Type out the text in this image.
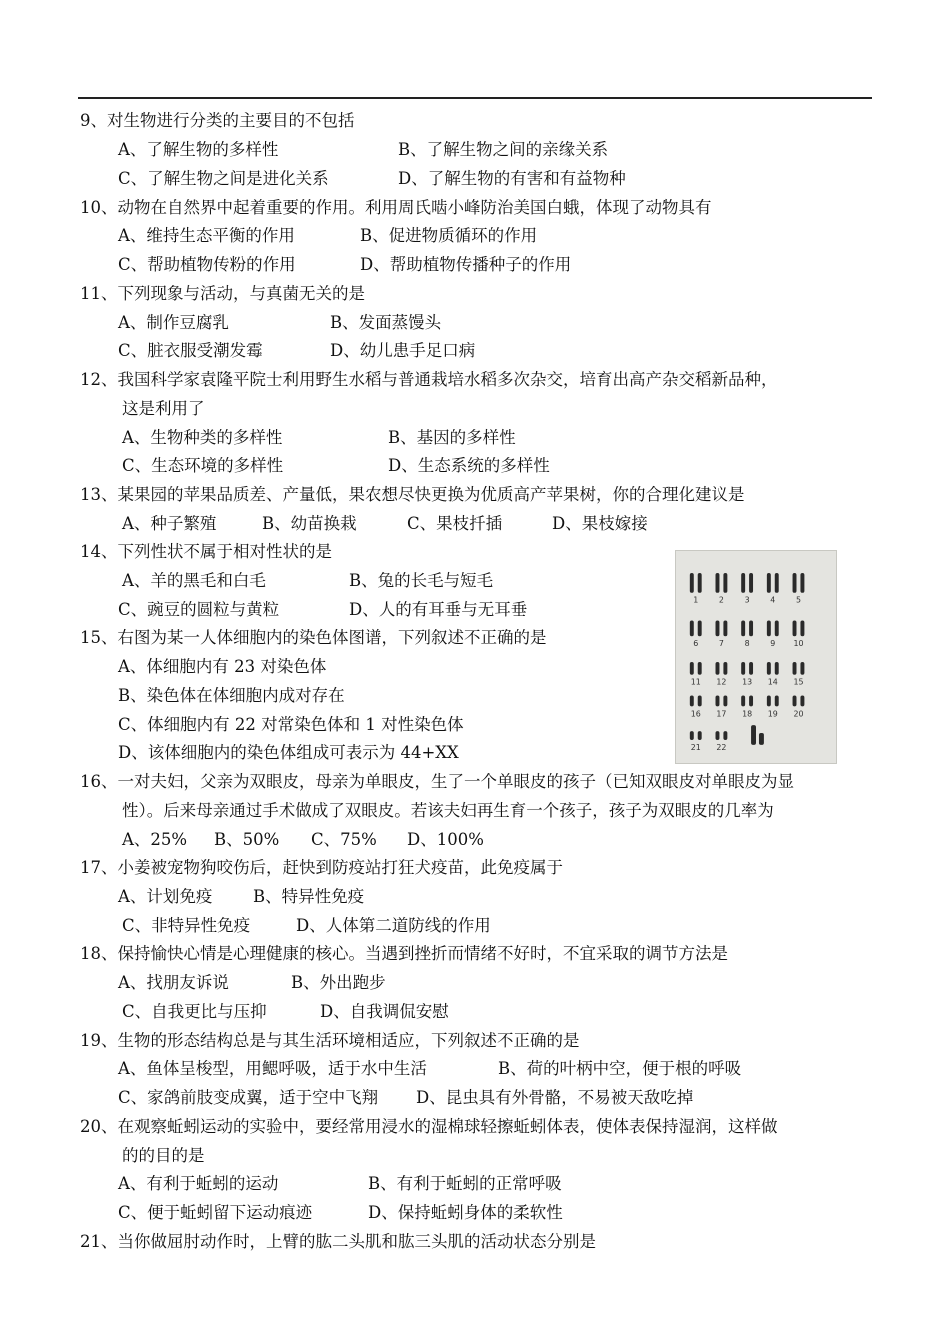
9、对生物进行分类的主要目的不包括
A、了解生物的多样性	B、了解生物之间的亲缘关系
C、了解生物之间是进化关系	D、了解生物的有害和有益物种
10、动物在自然界中起着重要的作用。利用周氏啮小峰防治美国白蛾，体现了动物具有
A、维持生态平衡的作用	B、促进物质循环的作用
C、帮助植物传粉的作用	D、帮助植物传播种子的作用
11、下列现象与活动，与真菌无关的是
A、制作豆腐乳	B、发面蒸馒头
C、脏衣服受潮发霉	D、幼儿患手足口病
12、我国科学家袁隆平院士利用野生水稻与普通栽培水稻多次杂交，培育出高产杂交稻新品种，
这是利用了
A、生物种类的多样性	B、基因的多样性
C、生态环境的多样性	D、生态系统的多样性
13、某果园的苹果品质差、产量低，果农想尽快更换为优质高产苹果树，你的合理化建议是
A、种子繁殖	B、幼苗换栽	C、果枝扦插	D、果枝嫁接
14、下列性状不属于相对性状的是
A、羊的黑毛和白毛	B、兔的长毛与短毛
C、豌豆的圆粒与黄粒	D、人的有耳垂与无耳垂
15、右图为某一人体细胞内的染色体图谱，下列叙述不正确的是
A、体细胞内有 23 对染色体
B、染色体在体细胞内成对存在
C、体细胞内有 22 对常染色体和 1 对性染色体
D、该体细胞内的染色体组成可表示为 44+XX
1	2	3	4	5
6	7	8	9 10
11 12 13 14 15
16 17 18 19 20
21 22
16、一对夫妇，父亲为双眼皮，母亲为单眼皮，生了一个单眼皮的孩子（已知双眼皮对单眼皮为显
性）。后来母亲通过手术做成了双眼皮。若该夫妇再生育一个孩子，孩子为双眼皮的几率为
A、25% B、50% C、75% D、100%
17、小姜被宠物狗咬伤后，赶快到防疫站打狂犬疫苗，此免疫属于
A、计划免疫 B、特异性免疫
C、非特异性免疫	D、人体第二道防线的作用
18、保持愉快心情是心理健康的核心。当遇到挫折而情绪不好时，不宜采取的调节方法是
A、找朋友诉说	B、外出跑步
C、自我更比与压抑	D、自我调侃安慰
19、生物的形态结构总是与其生活环境相适应，下列叙述不正确的是
A、鱼体呈梭型，用鳃呼吸，适于水中生活	B、荷的叶柄中空，便于根的呼吸
C、家鸽前肢变成翼，适于空中飞翔 D、昆虫具有外骨骼，不易被天敌吃掉
20、在观察蚯蚓运动的实验中，要经常用浸水的湿棉球轻擦蚯蚓体表，使体表保持湿润，这样做
的的目的是
A、有利于蚯蚓的运动	B、有利于蚯蚓的正常呼吸
C、便于蚯蚓留下运动痕迹	D、保持蚯蚓身体的柔软性
21、当你做屈肘动作时，上臂的肱二头肌和肱三头肌的活动状态分别是
